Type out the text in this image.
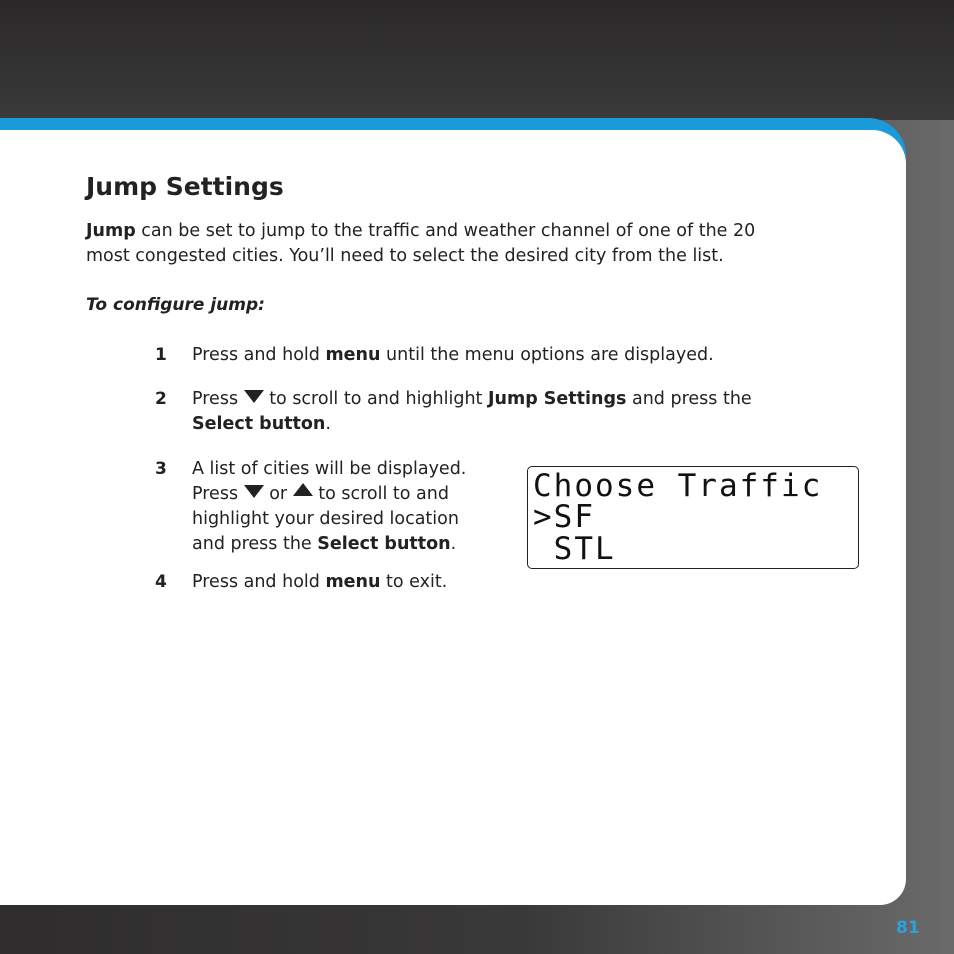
Jump Settings
Jump can be set to jump to the traffic and weather channel of one of the 20
most congested cities. You’ll need to select the desired city from the list.
To configure jump:
1 Press and hold menu until the menu options are displayed.
2 Press  to scroll to and highlight Jump Settings and press the
Select button.
3 A list of cities will be displayed.
Press  or  to scroll to and
highlight your desired location
and press the Select button.
4 Press and hold menu to exit.
Choose Traffic
>SF
STL
81
